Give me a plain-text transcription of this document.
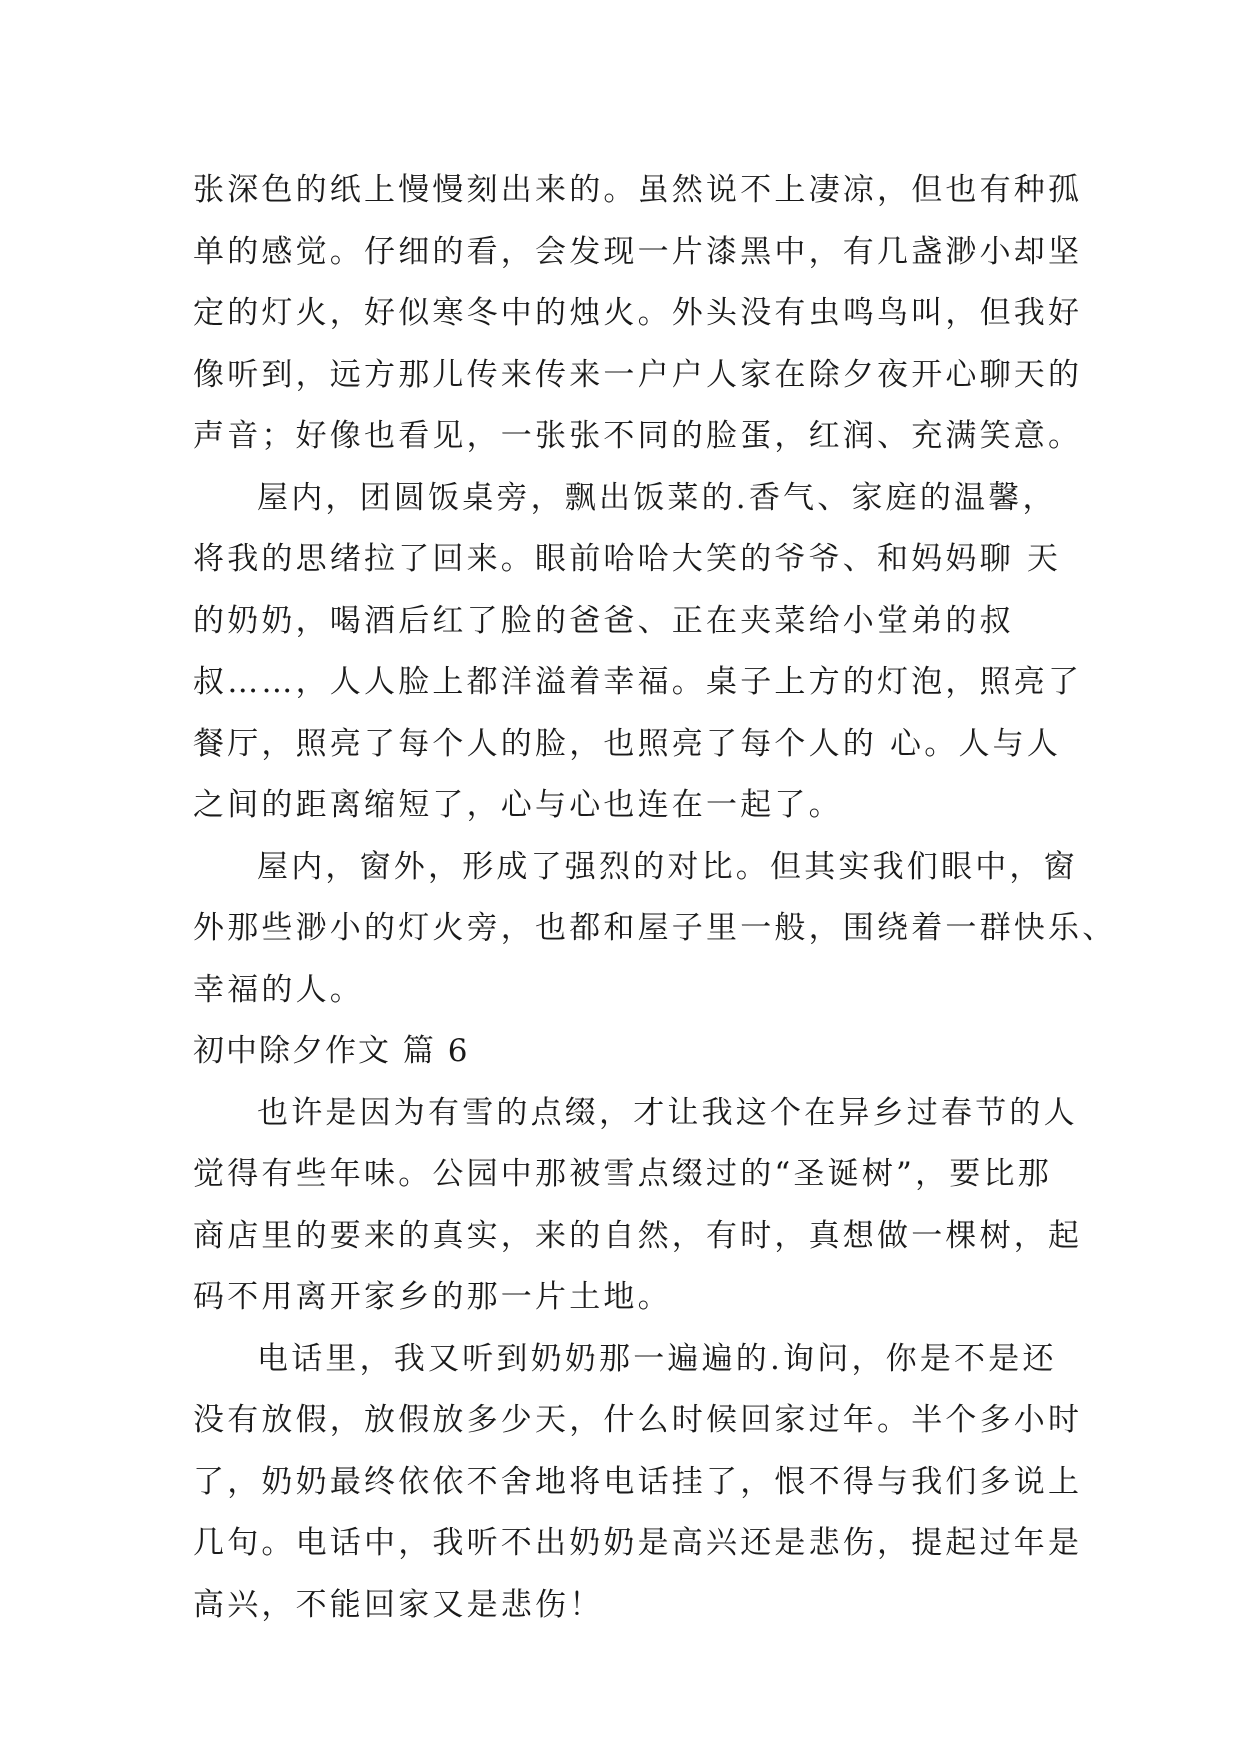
张深色的纸上慢慢刻出来的。虽然说不上凄凉，但也有种孤
单的感觉。仔细的看，会发现一片漆黑中，有几盏渺小却坚
定的灯火，好似寒冬中的烛火。外头没有虫鸣鸟叫，但我好
像听到，远方那儿传来传来一户户人家在除夕夜开心聊天的
声音；好像也看见，一张张不同的脸蛋，红润、充满笑意。
屋内，团圆饭桌旁，飘出饭菜的.香气、家庭的温馨，
将我的思绪拉了回来。眼前哈哈大笑的爷爷、和妈妈聊 天
的奶奶，喝酒后红了脸的爸爸、正在夹菜给小堂弟的叔
叔……，人人脸上都洋溢着幸福。桌子上方的灯泡，照亮了
餐厅，照亮了每个人的脸，也照亮了每个人的 心。人与人
之间的距离缩短了，心与心也连在一起了。
屋内，窗外，形成了强烈的对比。但其实我们眼中，窗
外那些渺小的灯火旁，也都和屋子里一般，围绕着一群快乐、
幸福的人。
初中除夕作文 篇 6
也许是因为有雪的点缀，才让我这个在异乡过春节的人
觉得有些年味。公园中那被雪点缀过的“圣诞树”，要比那
商店里的要来的真实，来的自然，有时，真想做一棵树，起
码不用离开家乡的那一片土地。
电话里，我又听到奶奶那一遍遍的.询问，你是不是还
没有放假，放假放多少天，什么时候回家过年。半个多小时
了，奶奶最终依依不舍地将电话挂了，恨不得与我们多说上
几句。电话中，我听不出奶奶是高兴还是悲伤，提起过年是
高兴，不能回家又是悲伤！
